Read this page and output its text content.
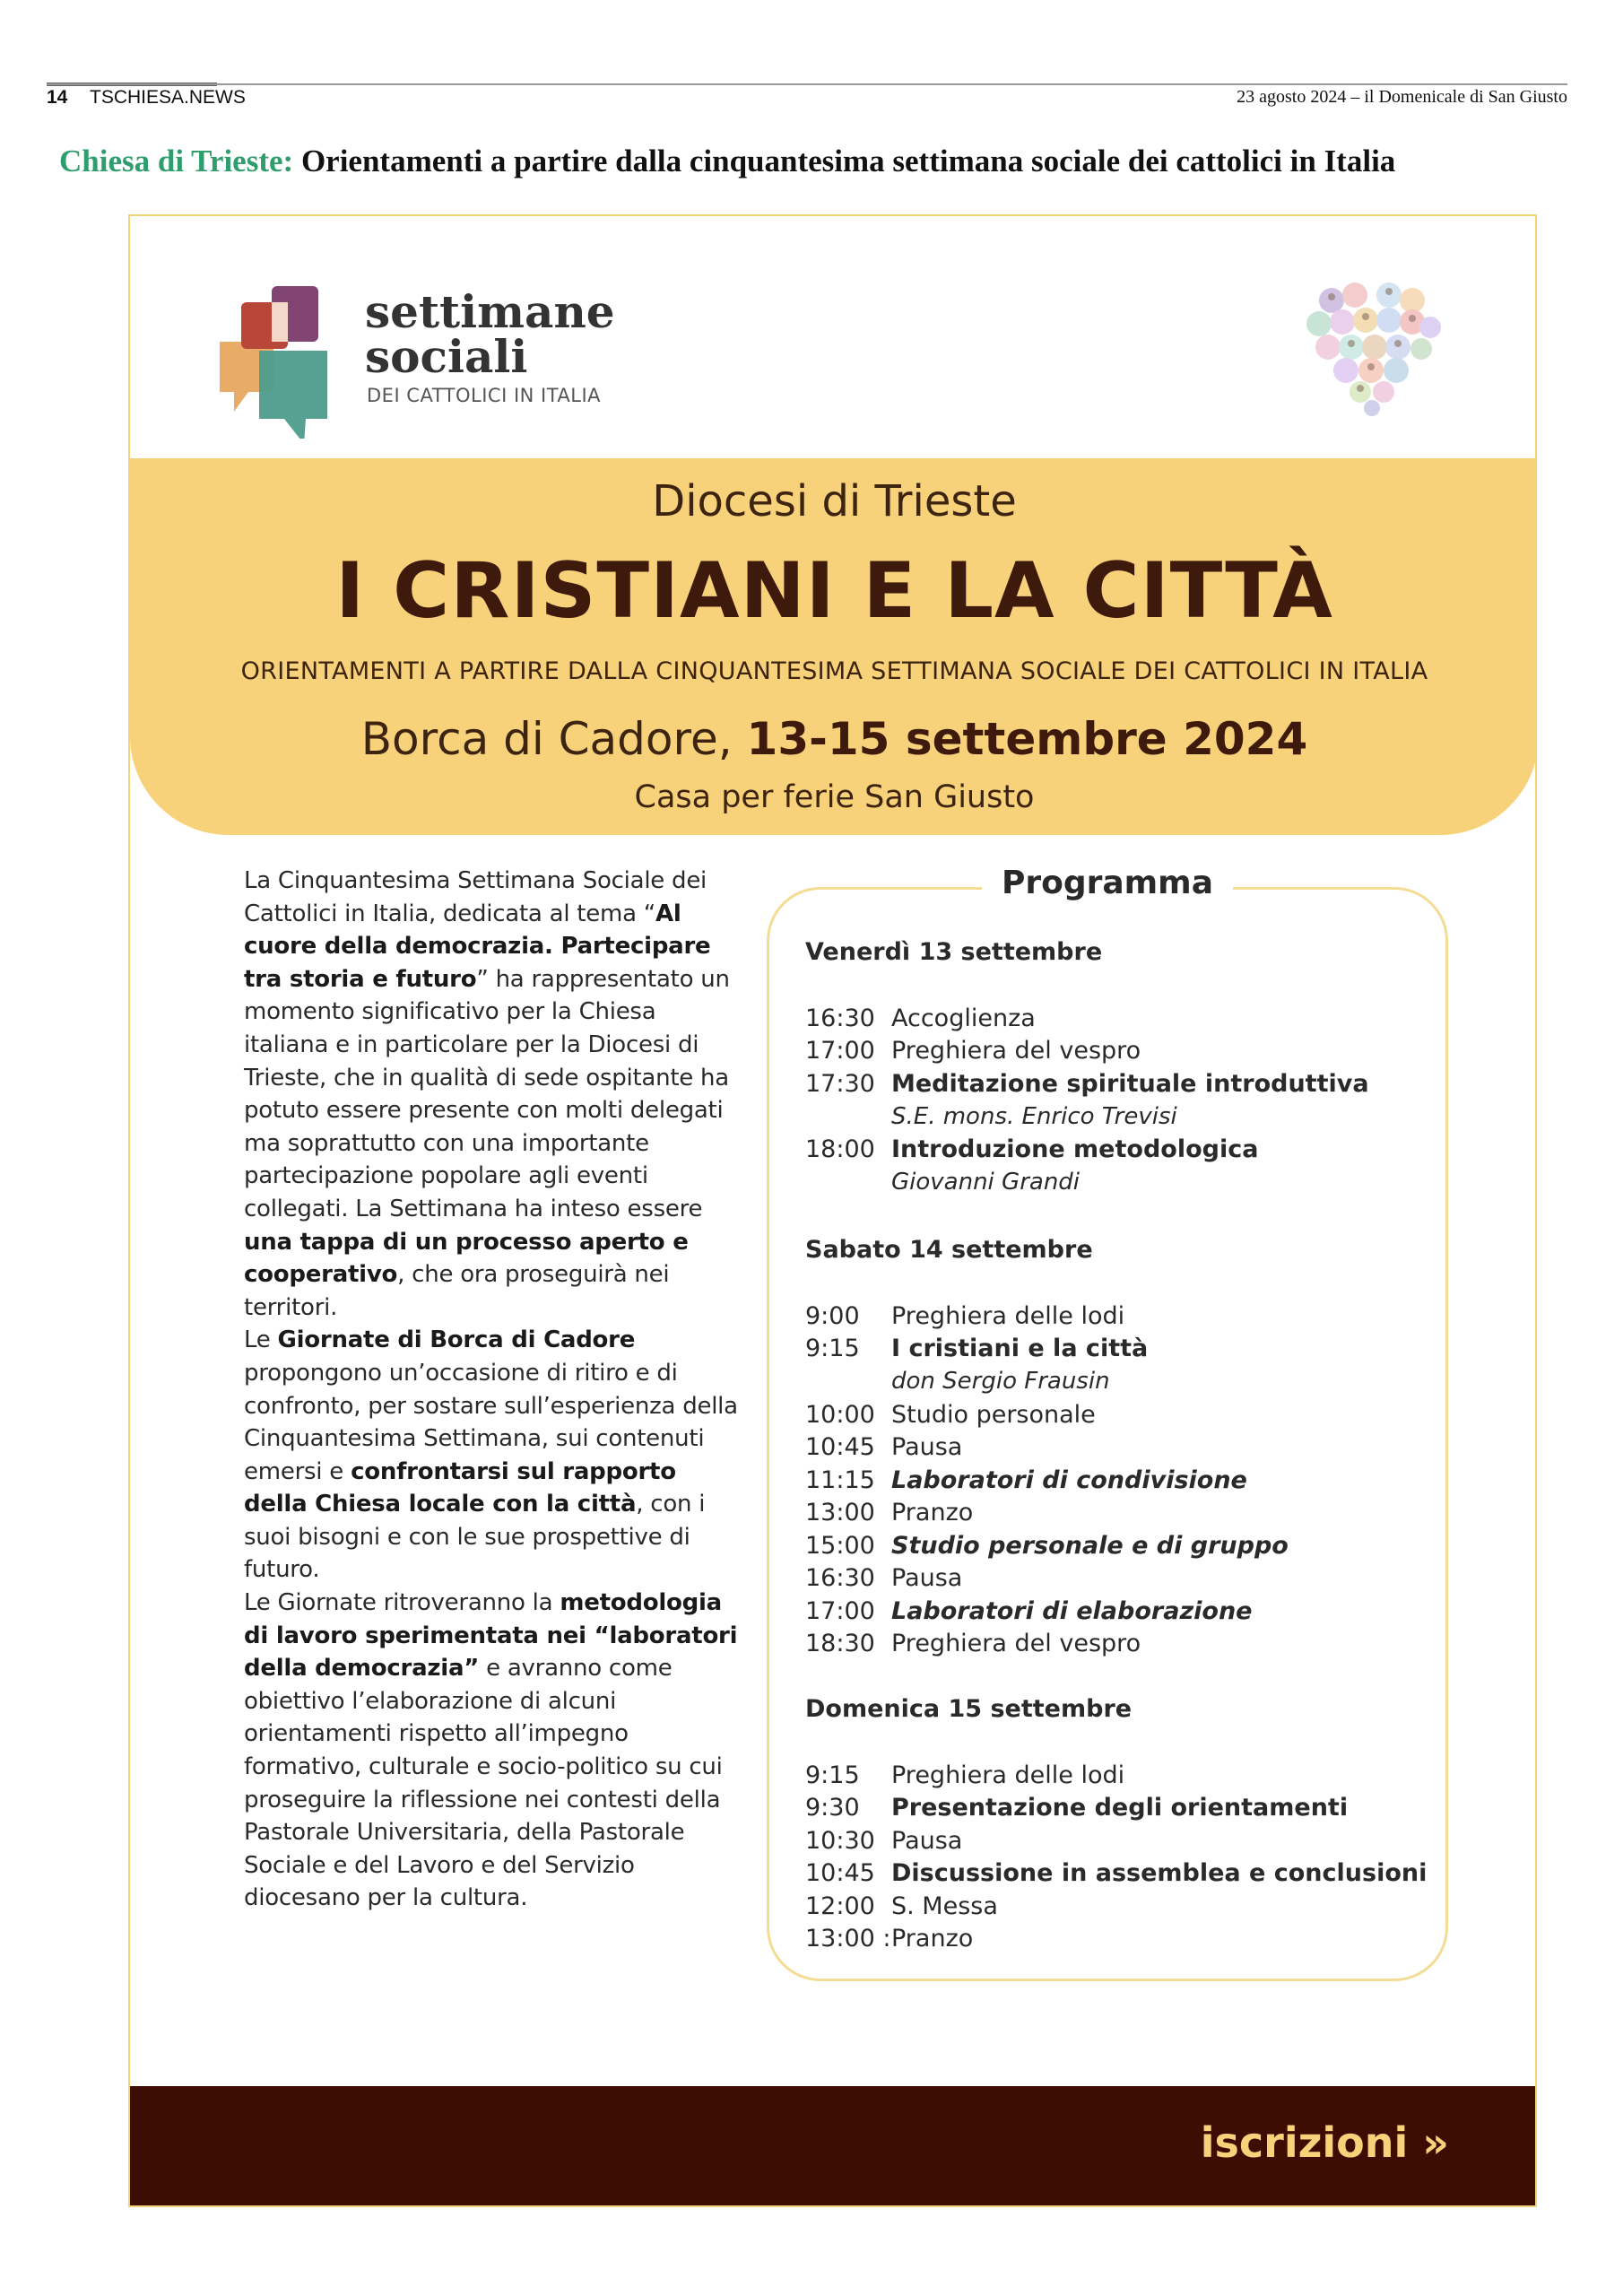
14 TSCHIESA.NEWS	23 agosto 2024 – il Domenicale di San Giusto
Chiesa di Trieste: Orientamenti a partire dalla cinquantesima settimana sociale dei cattolici in Italia
settimane
sociali
DEI CATTOLICI IN ITALIA
Diocesi di Trieste
I CRISTIANI E LA CITTÀ
ORIENTAMENTI A PARTIRE DALLA CINQUANTESIMA SETTIMANA SOCIALE DEI CATTOLICI IN ITALIA
Borca di Cadore, 13-15 settembre 2024
Casa per ferie San Giusto
La Cinquantesima Settimana Sociale dei Cattolici in Italia, dedicata al tema “Al cuore della democrazia. Partecipare tra storia e futuro” ha rappresentato un momento significativo per la Chiesa italiana e in particolare per la Diocesi di Trieste, che in qualità di sede ospitante ha potuto essere presente con molti delegati ma soprattutto con una importante partecipazione popolare agli eventi collegati. La Settimana ha inteso essere una tappa di un processo aperto e cooperativo, che ora proseguirà nei territori.
Le Giornate di Borca di Cadore propongono un’occasione di ritiro e di confronto, per sostare sull’esperienza della Cinquantesima Settimana, sui contenuti emersi e confrontarsi sul rapporto della Chiesa locale con la città, con i suoi bisogni e con le sue prospettive di futuro.
Le Giornate ritroveranno la metodologia di lavoro sperimentata nei “laboratori della democrazia” e avranno come obiettivo l’elaborazione di alcuni orientamenti rispetto all’impegno formativo, culturale e socio-politico su cui proseguire la riflessione nei contesti della Pastorale Universitaria, della Pastorale Sociale e del Lavoro e del Servizio diocesano per la cultura.
Programma
Venerdì 13 settembre
16:30 Accoglienza
17:00 Preghiera del vespro
17:30 Meditazione spirituale introduttiva
S.E. mons. Enrico Trevisi
18:00 Introduzione metodologica
Giovanni Grandi
Sabato 14 settembre
9:00 Preghiera delle lodi
9:15 I cristiani e la città
don Sergio Frausin
10:00 Studio personale
10:45 Pausa
11:15 Laboratori di condivisione
13:00 Pranzo
15:00 Studio personale e di gruppo
16:30 Pausa
17:00 Laboratori di elaborazione
18:30 Preghiera del vespro
Domenica 15 settembre
9:15 Preghiera delle lodi
9:30 Presentazione degli orientamenti
10:30 Pausa
10:45 Discussione in assemblea e conclusioni
12:00 S. Messa
13:00 :Pranzo
iscrizioni »
